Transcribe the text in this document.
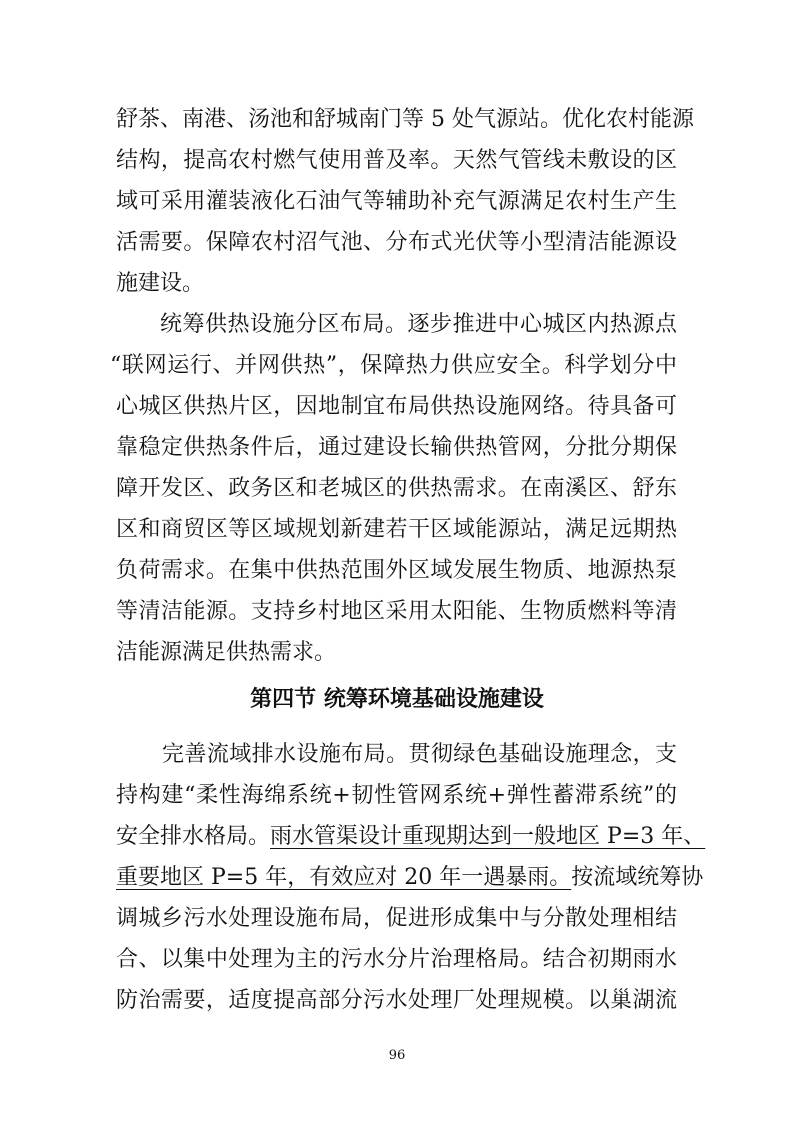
舒茶、南港、汤池和舒城南门等 5 处气源站。优化农村能源
结构，提高农村燃气使用普及率。天然气管线未敷设的区
域可采用灌装液化石油气等辅助补充气源满足农村生产生
活需要。保障农村沼气池、分布式光伏等小型清洁能源设
施建设。
统筹供热设施分区布局。逐步推进中心城区内热源点
“联网运行、并网供热”，保障热力供应安全。科学划分中
心城区供热片区，因地制宜布局供热设施网络。待具备可
靠稳定供热条件后，通过建设长输供热管网，分批分期保
障开发区、政务区和老城区的供热需求。在南溪区、舒东
区和商贸区等区域规划新建若干区域能源站，满足远期热
负荷需求。在集中供热范围外区域发展生物质、地源热泵
等清洁能源。支持乡村地区采用太阳能、生物质燃料等清
洁能源满足供热需求。
第四节 统筹环境基础设施建设
完善流域排水设施布局。贯彻绿色基础设施理念，支
持构建“柔性海绵系统+韧性管网系统+弹性蓄滞系统”的
安全排水格局。雨水管渠设计重现期达到一般地区 P=3 年、
重要地区 P=5 年，有效应对 20 年一遇暴雨。按流域统筹协
调城乡污水处理设施布局，促进形成集中与分散处理相结
合、以集中处理为主的污水分片治理格局。结合初期雨水
防治需要，适度提高部分污水处理厂处理规模。以巢湖流
96
